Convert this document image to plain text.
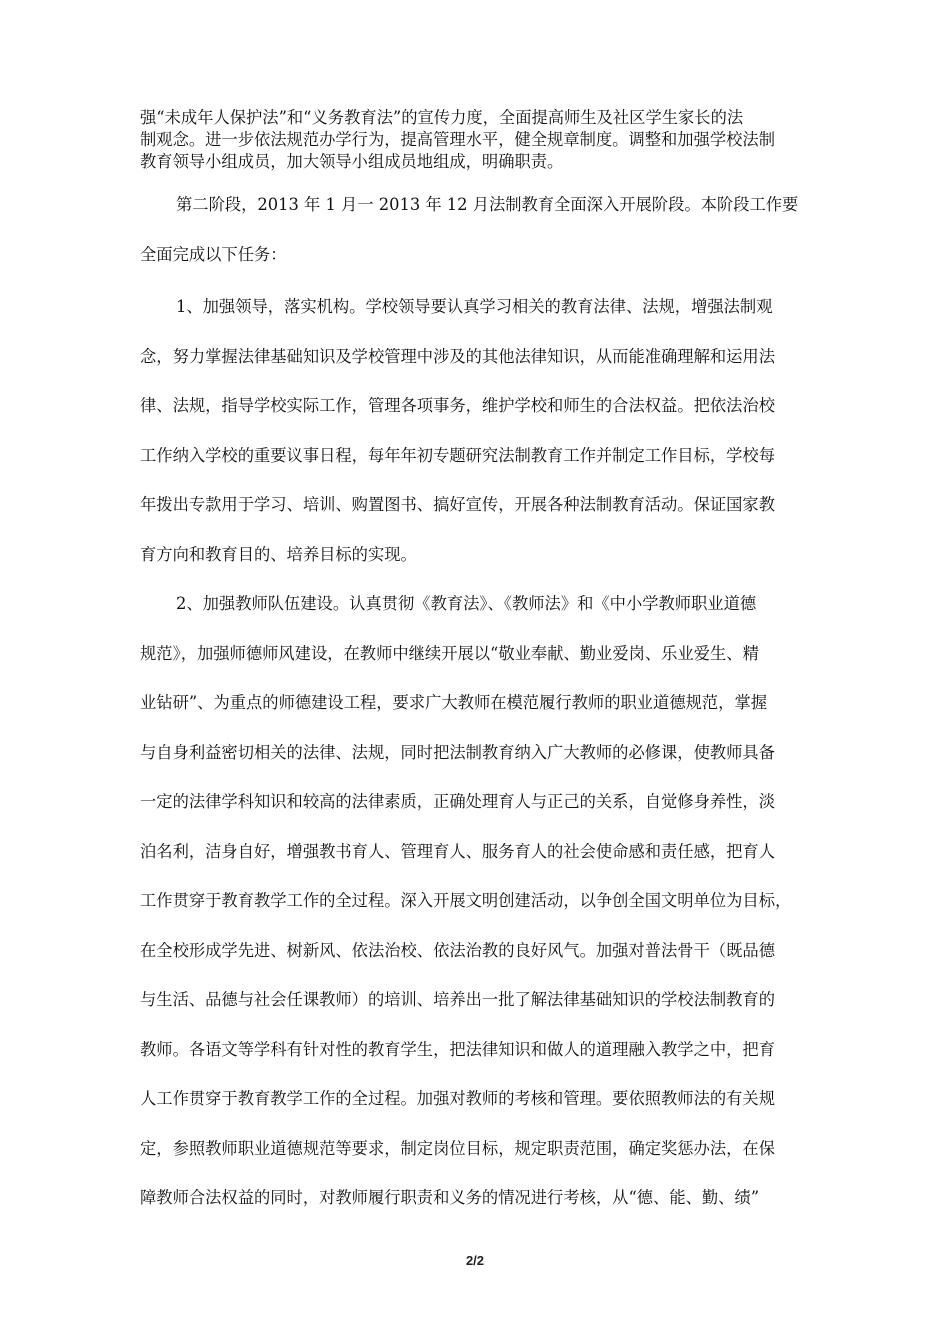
强“未成年人保护法”和“义务教育法”的宣传力度，全面提高师生及社区学生家长的法
制观念。进一步依法规范办学行为，提高管理水平，健全规章制度。调整和加强学校法制
教育领导小组成员，加大领导小组成员地组成，明确职责。
第二阶段，2013 年 1 月一 2013 年 12 月法制教育全面深入开展阶段。本阶段工作要
全面完成以下任务：
1、加强领导，落实机构。学校领导要认真学习相关的教育法律、法规，增强法制观
念，努力掌握法律基础知识及学校管理中涉及的其他法律知识，从而能准确理解和运用法
律、法规，指导学校实际工作，管理各项事务，维护学校和师生的合法权益。把依法治校
工作纳入学校的重要议事日程，每年年初专题研究法制教育工作并制定工作目标，学校每
年拨出专款用于学习、培训、购置图书、搞好宣传，开展各种法制教育活动。保证国家教
育方向和教育目的、培养目标的实现。
2、加强教师队伍建设。认真贯彻《教育法》、《教师法》和《中小学教师职业道德
规范》，加强师德师风建设，在教师中继续开展以“敬业奉献、勤业爱岗、乐业爱生、精
业钻研”、为重点的师德建设工程，要求广大教师在模范履行教师的职业道德规范，掌握
与自身利益密切相关的法律、法规，同时把法制教育纳入广大教师的必修课，使教师具备
一定的法律学科知识和较高的法律素质，正确处理育人与正己的关系，自觉修身养性，淡
泊名利，洁身自好，增强教书育人、管理育人、服务育人的社会使命感和责任感，把育人
工作贯穿于教育教学工作的全过程。深入开展文明创建活动，以争创全国文明单位为目标，
在全校形成学先进、树新风、依法治校、依法治教的良好风气。加强对普法骨干（既品德
与生活、品德与社会任课教师）的培训、培养出一批了解法律基础知识的学校法制教育的
教师。各语文等学科有针对性的教育学生，把法律知识和做人的道理融入教学之中，把育
人工作贯穿于教育教学工作的全过程。加强对教师的考核和管理。要依照教师法的有关规
定，参照教师职业道德规范等要求，制定岗位目标，规定职责范围，确定奖惩办法，在保
障教师合法权益的同时，对教师履行职责和义务的情况进行考核，从“德、能、勤、绩”
2/2
